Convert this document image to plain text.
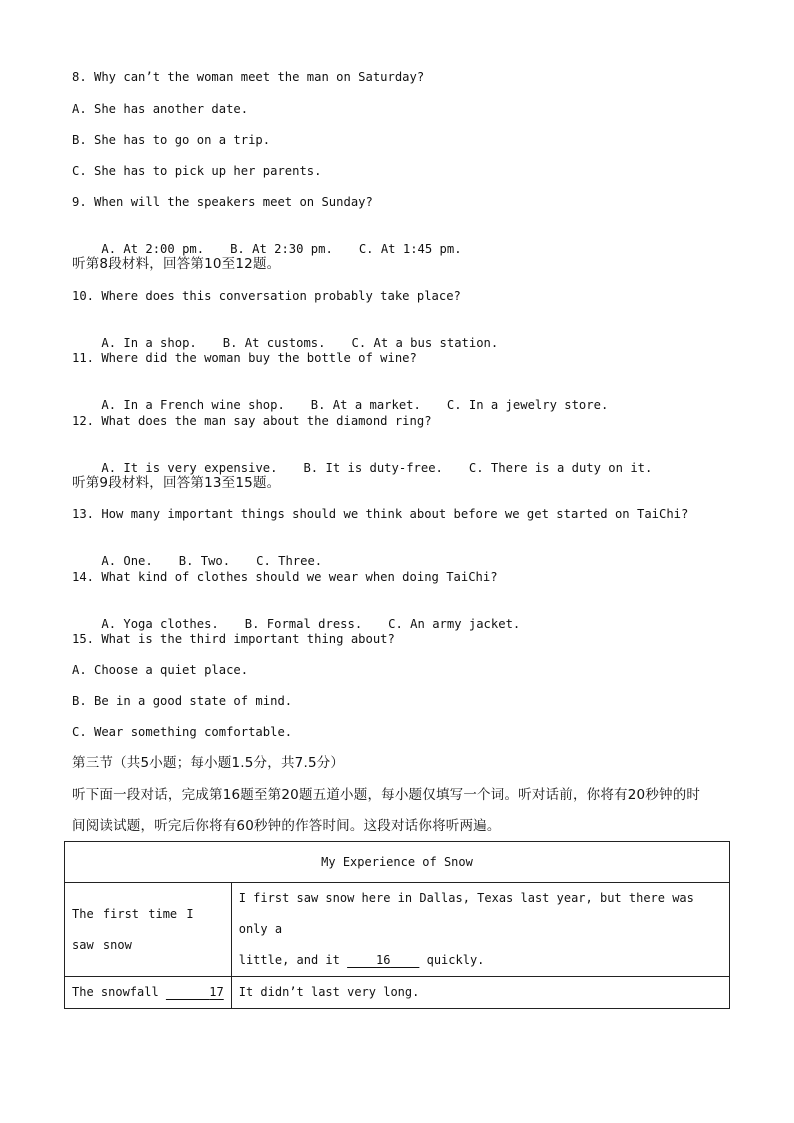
8. Why can’t the woman meet the man on Saturday?
A. She has another date.
B. She has to go on a trip.
C. She has to pick up her parents.
9. When will the speakers meet on Sunday?

A. At 2:00 pm. B. At 2:30 pm. C. At 1:45 pm.

听第8段材料，回答第10至12题。
10. Where does this conversation probably take place?

A. In a shop. B. At customs. C. At a bus station.

11. Where did the woman buy the bottle of wine?

A. In a French wine shop. B. At a market. C. In a jewelry store.

12. What does the man say about the diamond ring?

A. It is very expensive. B. It is duty-free. C. There is a duty on it.

听第9段材料，回答第13至15题。
13. How many important things should we think about before we get started on TaiChi?

A. One. B. Two. C. Three.

14. What kind of clothes should we wear when doing TaiChi?

A. Yoga clothes. B. Formal dress. C. An army jacket.

15. What is the third important thing about?
A. Choose a quiet place.
B. Be in a good state of mind.
C. Wear something comfortable.
第三节（共5小题；每小题1.5分，共7.5分）
听下面一段对话，完成第16题至第20题五道小题，每小题仅填写一个词。听对话前，你将有20秒钟的时
间阅读试题，听完后你将有60秒钟的作答时间。这段对话你将听两遍。
My Experience of Snow	
The first time I saw snow	I first saw snow here in Dallas, Texas last year, but there was only a
little, and it     16     quickly.

The snowfall 17	It didn’t last very long.
